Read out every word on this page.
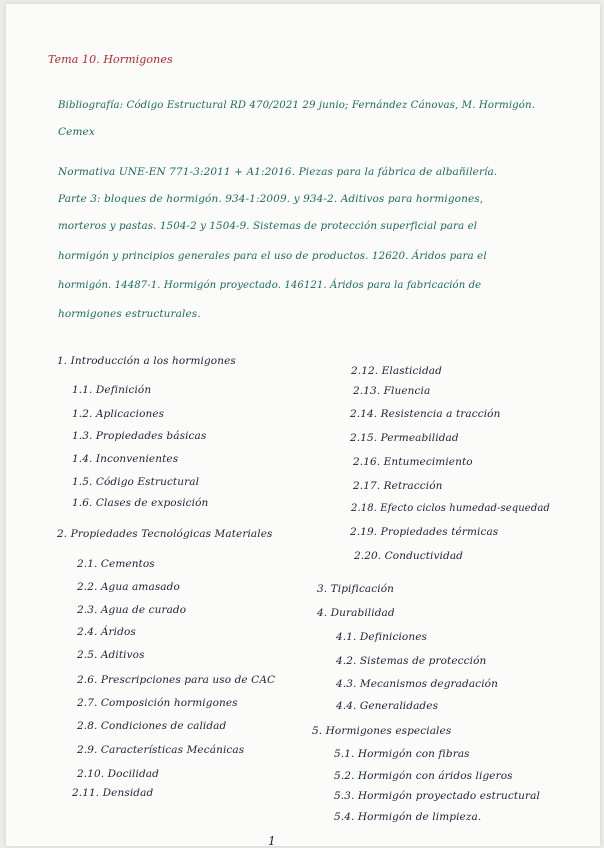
Tema 10. Hormigones
Bibliografía: Código Estructural RD 470/2021 29 junio; Fernández Cánovas, M. Hormigón.
Cemex
Normativa UNE-EN 771-3:2011 + A1:2016. Piezas para la fábrica de albañilería.
Parte 3: bloques de hormigón. 934-1:2009. y 934-2. Aditivos para hormigones,
morteros y pastas. 1504-2 y 1504-9. Sistemas de protección superficial para el
hormigón y principios generales para el uso de productos. 12620. Áridos para el
hormigón. 14487-1. Hormigón proyectado. 146121. Áridos para la fabricación de
hormigones estructurales.
1. Introducción a los hormigones
1.1. Definición
1.2. Aplicaciones
1.3. Propiedades básicas
1.4. Inconvenientes
1.5. Código Estructural
1.6. Clases de exposición
2. Propiedades Tecnológicas Materiales
2.1. Cementos
2.2. Agua amasado
2.3. Agua de curado
2.4. Áridos
2.5. Aditivos
2.6. Prescripciones para uso de CAC
2.7. Composición hormigones
2.8. Condiciones de calidad
2.9. Características Mecánicas
2.10. Docilidad
2.11. Densidad
2.12. Elasticidad
2.13. Fluencia
2.14. Resistencia a tracción
2.15. Permeabilidad
2.16. Entumecimiento
2.17. Retracción
2.18. Efecto ciclos humedad-sequedad
2.19. Propiedades térmicas
2.20. Conductividad
3. Tipificación
4. Durabilidad
4.1. Definiciones
4.2. Sistemas de protección
4.3. Mecanismos degradación
4.4. Generalidades
5. Hormigones especiales
5.1. Hormigón con fibras
5.2. Hormigón con áridos ligeros
5.3. Hormigón proyectado estructural
5.4. Hormigón de limpieza.
1
